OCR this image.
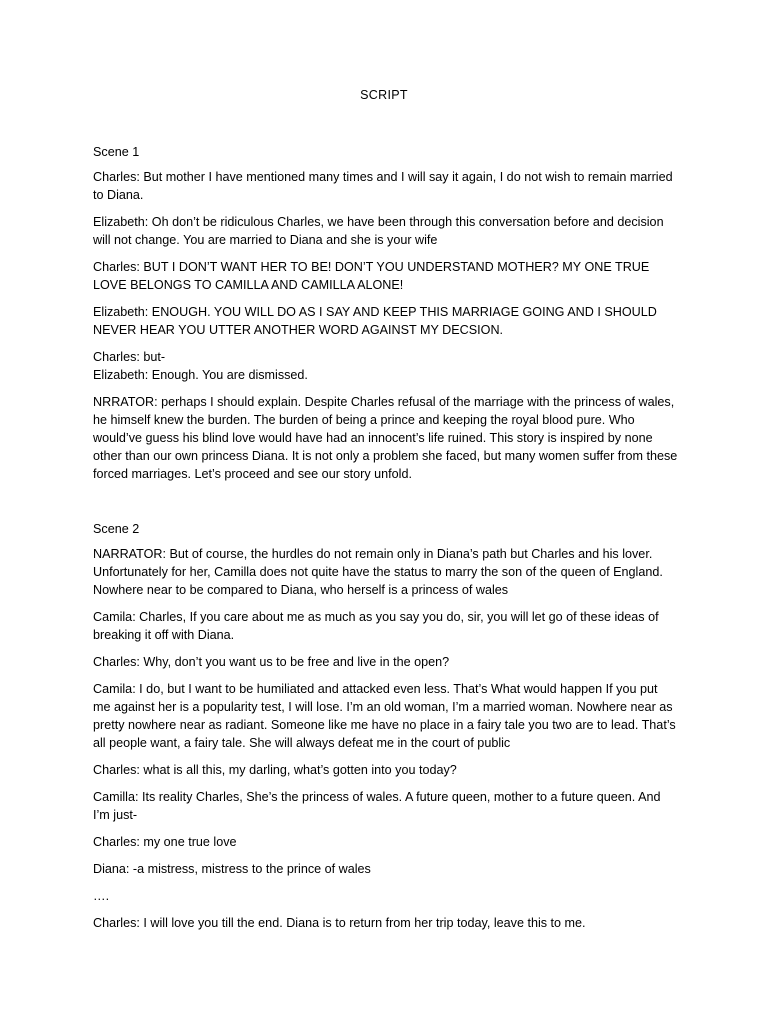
SCRIPT
Scene 1

Charles: But mother I have mentioned many times and I will say it again, I do not wish to remain married to Diana.

Elizabeth: Oh don’t be ridiculous Charles, we have been through this conversation before and decision will not change. You are married to Diana and she is your wife

Charles: BUT I DON’T WANT HER TO BE! DON’T YOU UNDERSTAND MOTHER? MY ONE TRUE LOVE BELONGS TO CAMILLA AND CAMILLA ALONE!

Elizabeth: ENOUGH. YOU WILL DO AS I SAY AND KEEP THIS MARRIAGE GOING AND I SHOULD NEVER HEAR YOU UTTER ANOTHER WORD AGAINST MY DECSION.

Charles: but-

Elizabeth: Enough. You are dismissed.

NRRATOR: perhaps I should explain. Despite Charles refusal of the marriage with the princess of wales, he himself knew the burden. The burden of being a prince and keeping the royal blood pure. Who would’ve guess his blind love would have had an innocent’s life ruined. This story is inspired by none other than our own princess Diana. It is not only a problem she faced, but many women suffer from these forced marriages. Let’s proceed and see our story unfold.

Scene 2

NARRATOR: But of course, the hurdles do not remain only in Diana’s path but Charles and his lover. Unfortunately for her, Camilla does not quite have the status to marry the son of the queen of England. Nowhere near to be compared to Diana, who herself is a princess of wales

Camila: Charles, If you care about me as much as you say you do, sir, you will let go of these ideas of breaking it off with Diana.

Charles: Why, don’t you want us to be free and live in the open?

Camila: I do, but I want to be humiliated and attacked even less. That’s What would happen If you put me against her is a popularity test, I will lose. I’m an old woman, I’m a married woman. Nowhere near as pretty nowhere near as radiant. Someone like me have no place in a fairy tale you two are to lead. That’s all people want, a fairy tale. She will always defeat me in the court of public

Charles: what is all this, my darling, what’s gotten into you today?

Camilla: Its reality Charles, She’s the princess of wales. A future queen, mother to a future queen. And I’m just-

Charles: my one true love

Diana: -a mistress, mistress to the prince of wales

….

Charles: I will love you till the end. Diana is to return from her trip today, leave this to me.
